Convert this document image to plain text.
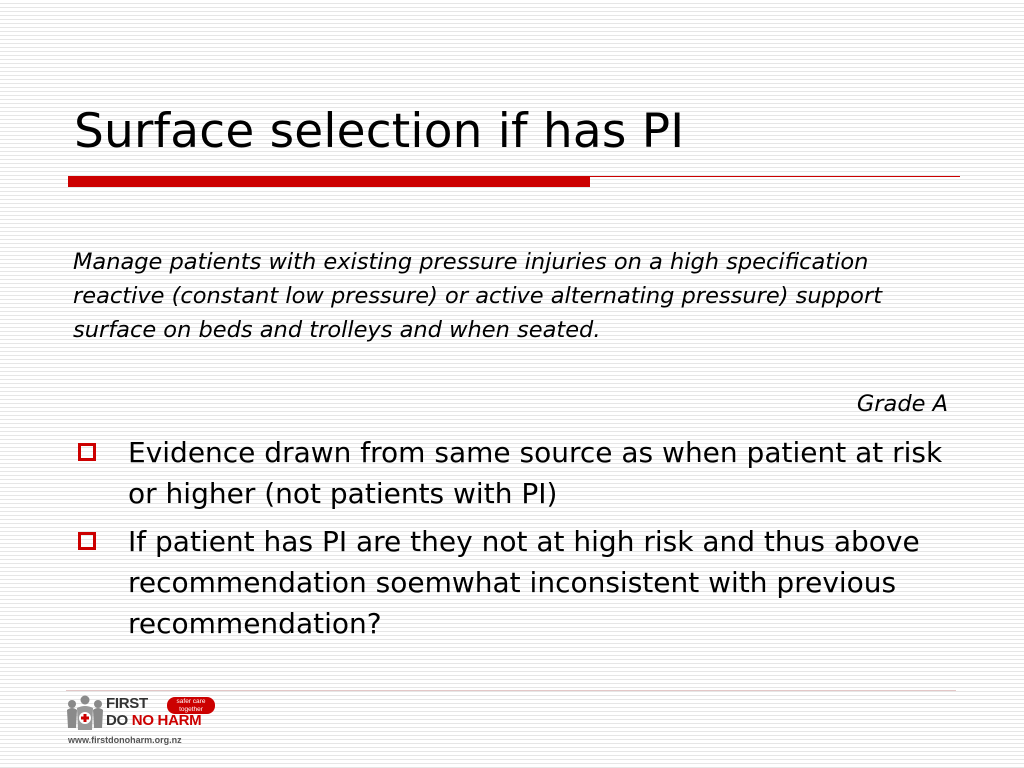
Surface selection if has PI
Manage patients with existing pressure injuries on a high specification reactive (constant low pressure) or active alternating pressure) support surface on beds and trolleys and when seated.
Grade A
Evidence drawn from same source as when patient at risk or higher (not patients with PI)
If patient has PI are they not at high risk and thus above recommendation soemwhat inconsistent with previous recommendation?
FIRST	safer care together
DO NO HARM
www.firstdonoharm.org.nz
